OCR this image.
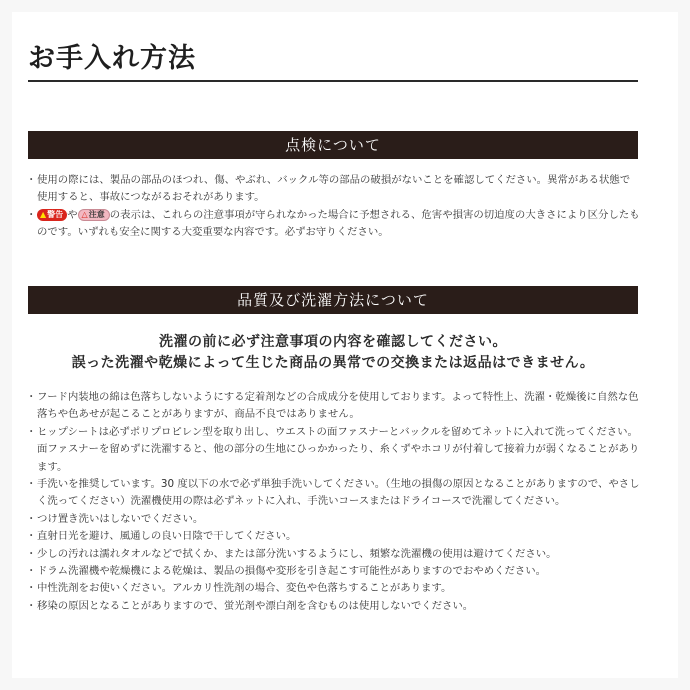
お手入れ方法
点検について
・ 使用の際には、製品の部品のほつれ、傷、やぶれ、バックル等の部品の破損がないことを確認してください。異常がある状態で使用すると、事故につながるおそれがあります。
・ ▲警告 や △注意 の表示は、これらの注意事項が守られなかった場合に予想される、危害や損害の切迫度の大きさにより区分したものです。いずれも安全に関する大変重要な内容です。必ずお守りください。
品質及び洗濯方法について
洗濯の前に必ず注意事項の内容を確認してください。
誤った洗濯や乾燥によって生じた商品の異常での交換または返品はできません。
・ フード内装地の綿は色落ちしないようにする定着剤などの合成成分を使用しております。よって特性上、洗濯・乾燥後に自然な色落ちや色あせが起こることがありますが、商品不良ではありません。
・ ヒップシートは必ずポリプロピレン型を取り出し、ウエストの面ファスナーとバックルを留めてネットに入れて洗ってください。面ファスナーを留めずに洗濯すると、他の部分の生地にひっかかったり、糸くずやホコリが付着して接着力が弱くなることがあります。
・ 手洗いを推奨しています。30 度以下の水で必ず単独手洗いしてください。（生地の損傷の原因となることがありますので、やさしく洗ってください）洗濯機使用の際は必ずネットに入れ、手洗いコースまたはドライコースで洗濯してください。
・ つけ置き洗いはしないでください。
・ 直射日光を避け、風通しの良い日陰で干してください。
・ 少しの汚れは濡れタオルなどで拭くか、または部分洗いするようにし、頻繁な洗濯機の使用は避けてください。
・ ドラム洗濯機や乾燥機による乾燥は、製品の損傷や変形を引き起こす可能性がありますのでおやめください。
・ 中性洗剤をお使いください。アルカリ性洗剤の場合、変色や色落ちすることがあります。
・ 移染の原因となることがありますので、蛍光剤や漂白剤を含むものは使用しないでください。
